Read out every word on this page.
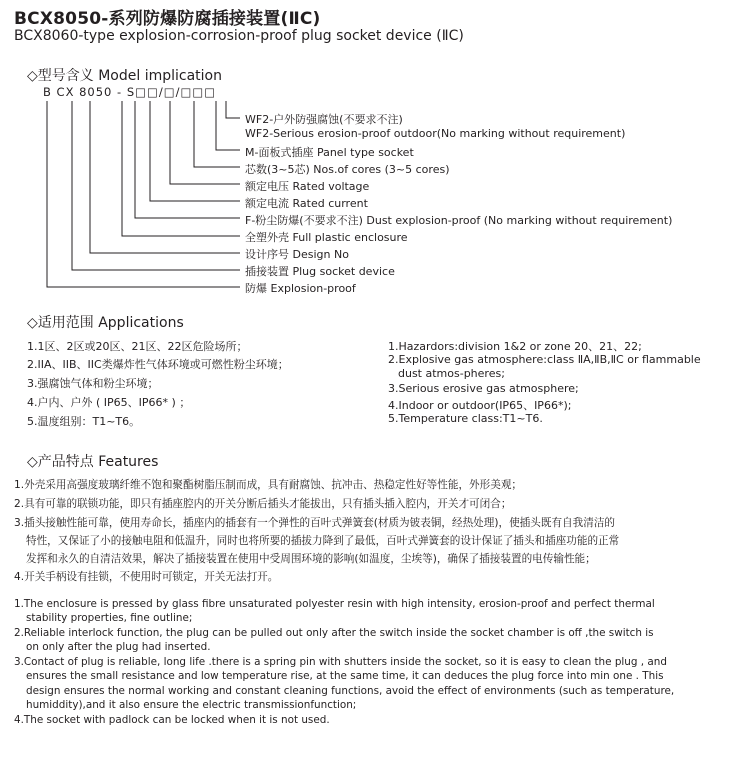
BCX8050-系列防爆防腐插接装置(ⅡC)
BCX8060-type explosion-corrosion-proof plug socket device (ⅡC)
◇型号含义 Model implication
B CX 8050 - S□□/□/□□□
WF2-户外防强腐蚀(不要求不注)
WF2-Serious erosion-proof outdoor(No marking without requirement)
M-面板式插座 Panel type socket
芯数(3~5芯) Nos.of cores (3~5 cores)
额定电压 Rated voltage
额定电流 Rated current
F-粉尘防爆(不要求不注) Dust explosion-proof (No marking without requirement)
全塑外壳 Full plastic enclosure
设计序号 Design No
插接装置 Plug socket device
防爆 Explosion-proof
◇适用范围 Applications
1.1区、2区或20区、21区、22区危险场所；
2.IIA、IIB、IIC类爆炸性气体环境或可燃性粉尘环境；
3.强腐蚀气体和粉尘环境；
4.户内、户外 ( IP65、IP66* ) ；
5.温度组别：T1~T6。
1.Hazardors:division 1&2 or zone 20、21、22;
2.Explosive gas atmosphere:class ⅡA,ⅡB,ⅡC or flammable
dust atmos-pheres;
3.Serious erosive gas atmosphere;
4.Indoor or outdoor(IP65、IP66*);
5.Temperature class:T1~T6.
◇产品特点 Features
1.外壳采用高强度玻璃纤维不饱和聚酯树脂压制而成，具有耐腐蚀、抗冲击、热稳定性好等性能，外形美观；
2.具有可靠的联锁功能，即只有插座腔内的开关分断后插头才能拔出，只有插头插入腔内，开关才可闭合；
3.插头接触性能可靠，使用寿命长，插座内的插套有一个弹性的百叶式弹簧套(材质为铍表铜，经热处理)，使插头既有自我清洁的
特性，又保证了小的接触电阻和低温升，同时也将所要的插拔力降到了最低，百叶式弹簧套的设计保证了插头和插座功能的正常
发挥和永久的自清洁效果，解决了插接装置在使用中受周围环境的影响(如温度，尘埃等)，确保了插接装置的电传输性能；
4.开关手柄设有挂锁，不使用时可锁定，开关无法打开。
1.The enclosure is pressed by glass fibre unsaturated polyester resin with high intensity, erosion-proof and perfect thermal
stability properties, fine outline;
2.Reliable interlock function, the plug can be pulled out only after the switch inside the socket chamber is off ,the switch is
on only after the plug had inserted.
3.Contact of plug is reliable, long life .there is a spring pin with shutters inside the socket, so it is easy to clean the plug , and
ensures the small resistance and low temperature rise, at the same time, it can deduces the plug force into min one . This
design ensures the normal working and constant cleaning functions, avoid the effect of environments (such as temperature,
humiddity),and it also ensure the electric transmissionfunction;
4.The socket with padlock can be locked when it is not used.
